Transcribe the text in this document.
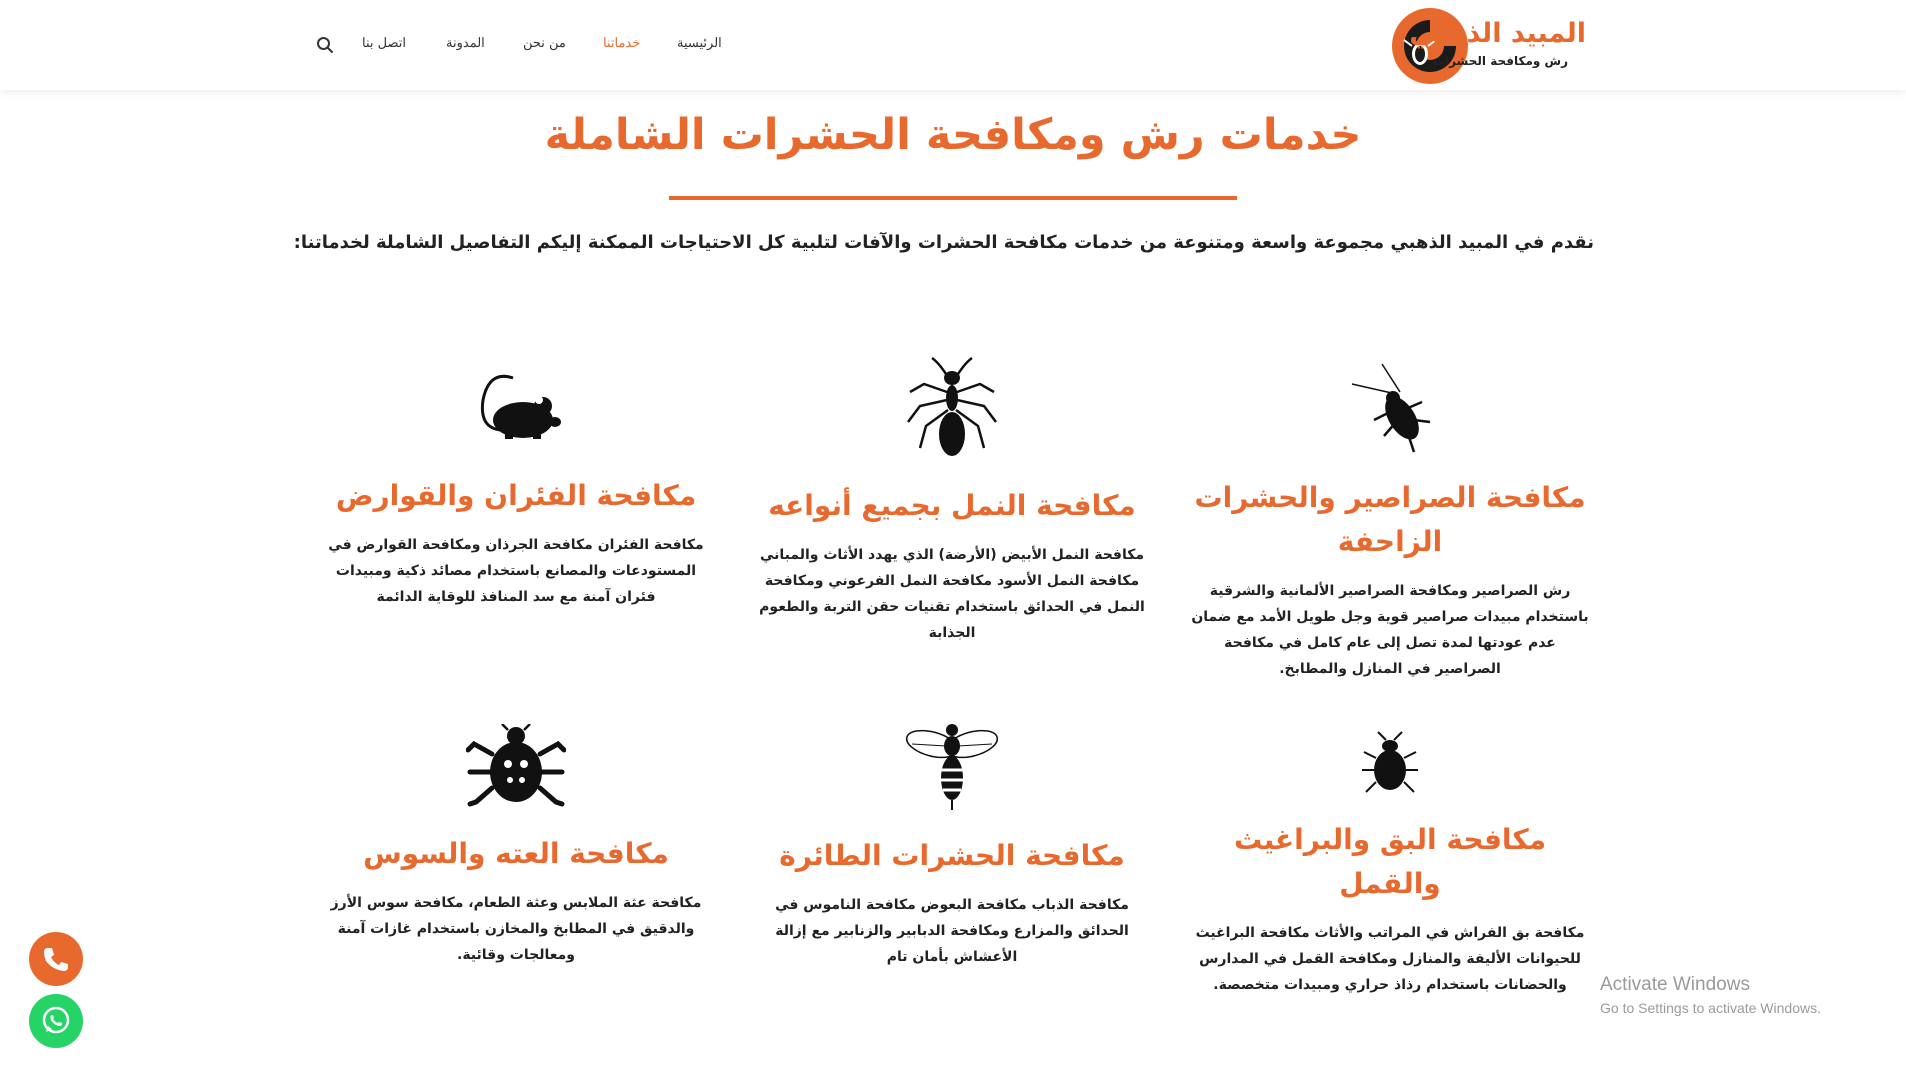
المبيد الذهبي
رش ومكافحة الحشرات
الرئيسية
خدماتنا
من نحن
المدونة
اتصل بنا
خدمات رش ومكافحة الحشرات الشاملة
نقدم في المبيد الذهبي مجموعة واسعة ومتنوعة من خدمات مكافحة الحشرات والآفات لتلبية كل الاحتياجات الممكنة إليكم التفاصيل الشاملة لخدماتنا:
مكافحة الصراصير والحشرات الزاحفة

رش الصراصير ومكافحة الصراصير الألمانية والشرقية باستخدام مبيدات صراصير قوية وجل طويل الأمد مع ضمان عدم عودتها لمدة تصل إلى عام كامل في مكافحة الصراصير في المنازل والمطابخ.

مكافحة النمل بجميع أنواعه

مكافحة النمل الأبيض (الأرضة) الذي يهدد الأثاث والمباني مكافحة النمل الأسود مكافحة النمل الفرعوني ومكافحة النمل في الحدائق باستخدام تقنيات حقن التربة والطعوم الجذابة

مكافحة الفئران والقوارض

مكافحة الفئران مكافحة الجرذان ومكافحة القوارض في المستودعات والمصانع باستخدام مصائد ذكية ومبيدات فئران آمنة مع سد المنافذ للوقاية الدائمة

مكافحة البق والبراغيث والقمل

مكافحة بق الفراش في المراتب والأثاث مكافحة البراغيث للحيوانات الأليفة والمنازل ومكافحة القمل في المدارس والحضانات باستخدام رذاذ حراري ومبيدات متخصصة.

مكافحة الحشرات الطائرة

مكافحة الذباب مكافحة البعوض مكافحة الناموس في الحدائق والمزارع ومكافحة الدبابير والزنابير مع إزالة الأعشاش بأمان تام

مكافحة العته والسوس

مكافحة عثة الملابس وعثة الطعام، مكافحة سوس الأرز والدقيق في المطابخ والمخازن باستخدام غازات آمنة ومعالجات وقائية.

Activate Windows
Go to Settings to activate Windows.
